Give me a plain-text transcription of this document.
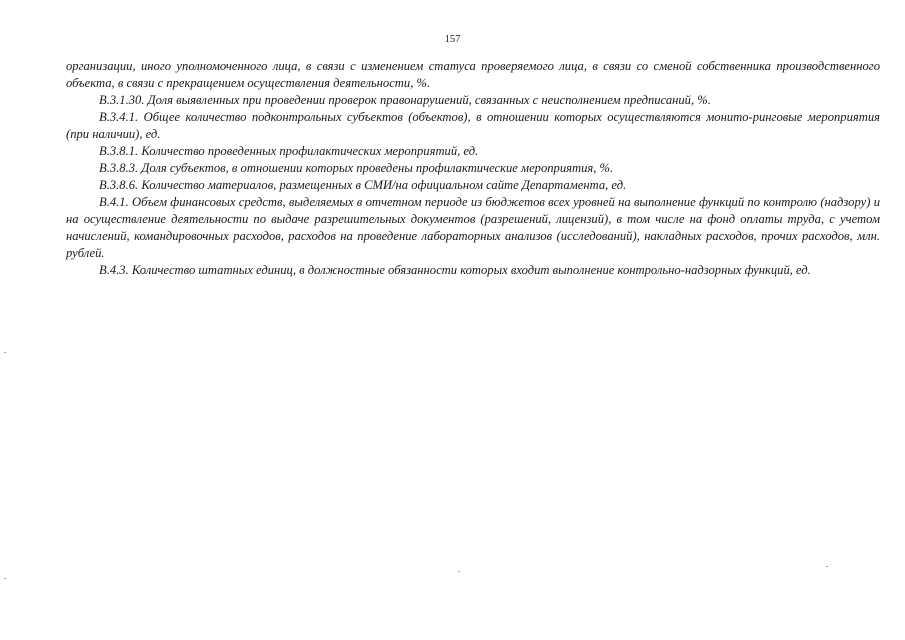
157

организации, иного уполномоченного лица, в связи с изменением статуса проверяемого лица, в связи со сменой собственника производственного объекта, в связи с прекращением осуществления деятельности, %.

В.3.1.30. Доля выявленных при проведении проверок правонарушений, связанных с неисполнением предписаний, %.

В.3.4.1. Общее количество подконтрольных субъектов (объектов), в отношении которых осуществляются монито-ринговые мероприятия (при наличии), ед.

В.3.8.1. Количество проведенных профилактических мероприятий, ед.

В.3.8.3. Доля субъектов, в отношении которых проведены профилактические мероприятия, %.

В.3.8.6. Количество материалов, размещенных в СМИ/на официальном сайте Департамента, ед.

В.4.1. Объем финансовых средств, выделяемых в отчетном периоде из бюджетов всех уровней на выполнение функций по контролю (надзору) и на осуществление деятельности по выдаче разрешительных документов (разрешений, лицензий), в том числе на фонд оплаты труда, с учетом начислений, командировочных расходов, расходов на проведение лабораторных анализов (исследований), накладных расходов, прочих расходов, млн. рублей.

В.4.3. Количество штатных единиц, в должностные обязанности которых входит выполнение контрольно-надзорных функций, ед.
